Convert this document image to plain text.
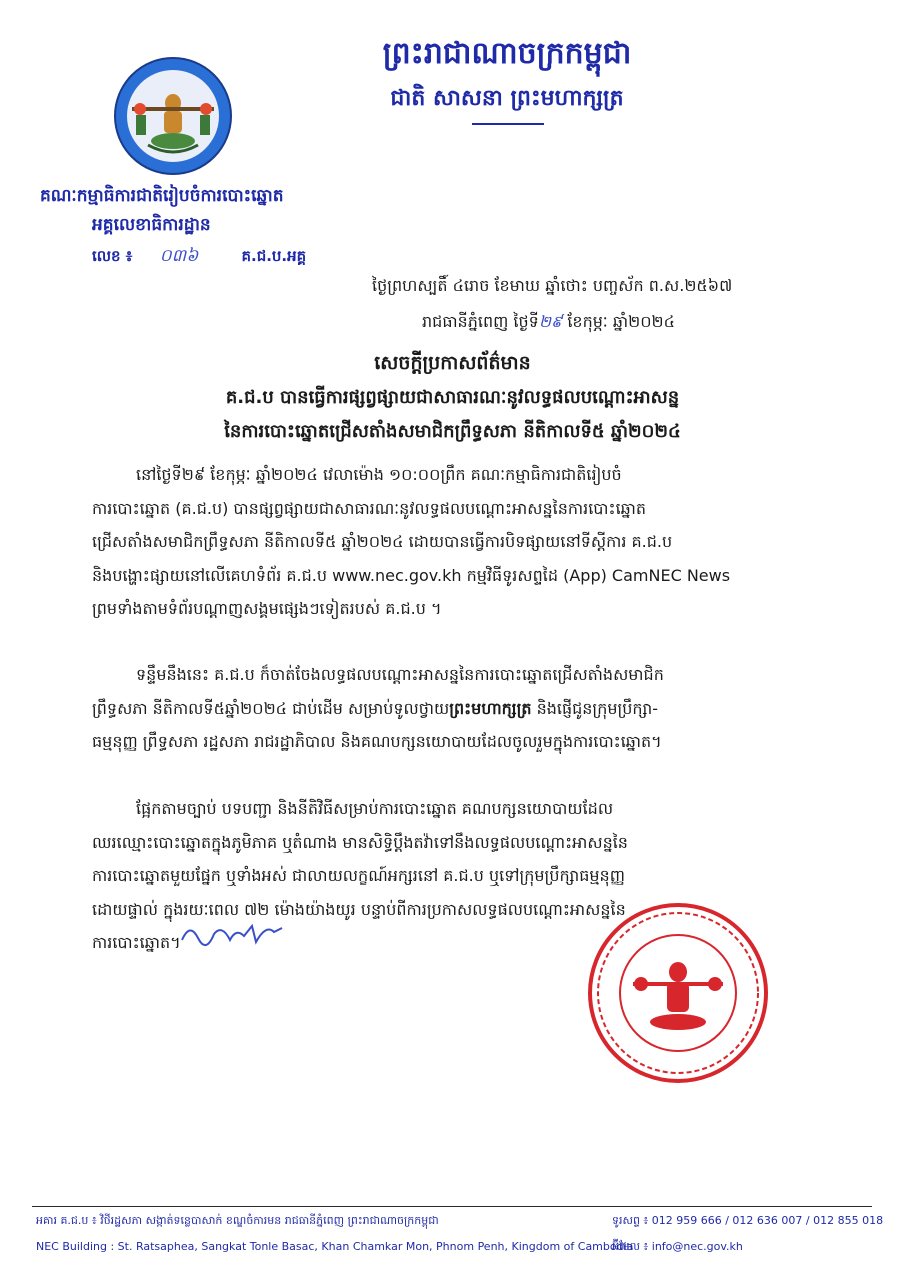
ព្រះរាជាណាចក្រកម្ពុជា
ជាតិ សាសនា ព្រះមហាក្សត្រ
គណៈកម្មាធិការជាតិរៀបចំការបោះឆ្នោត
អគ្គលេខាធិការដ្ឋាន
លេខ ៖ ០៣៦	គ.ជ.ប.អគ្គ
ថ្ងៃព្រហស្បតិ៍ ៤រោច ខែមាឃ ឆ្នាំថោះ បញ្ចស័ក ព.ស.២៥៦៧
រាជធានីភ្នំពេញ ថ្ងៃទី២៩ ខែកុម្ភៈ ឆ្នាំ២០២៤
សេចក្តីប្រកាសព័ត៌មាន
គ.ជ.ប បានធ្វើការផ្សព្វផ្សាយជាសាធារណៈនូវលទ្ធផលបណ្តោះអាសន្ន
នៃការបោះឆ្នោតជ្រើសតាំងសមាជិកព្រឹទ្ធសភា នីតិកាលទី៥ ឆ្នាំ២០២៤

នៅថ្ងៃទី២៩ ខែកុម្ភៈ ឆ្នាំ២០២៤ វេលាម៉ោង ១០:០០ព្រឹក គណៈកម្មាធិការជាតិរៀបចំ

ការបោះឆ្នោត (គ.ជ.ប) បានផ្សព្វផ្សាយជាសាធារណៈនូវលទ្ធផលបណ្តោះអាសន្ននៃការបោះឆ្នោត

ជ្រើសតាំងសមាជិកព្រឹទ្ធសភា នីតិកាលទី៥ ឆ្នាំ២០២៤ ដោយបានធ្វើការបិទផ្សាយនៅទីស្តីការ គ.ជ.ប

និងបង្ហោះផ្សាយនៅលើគេហទំព័រ គ.ជ.ប www.nec.gov.kh កម្មវិធីទូរសព្ទដៃ (App) CamNEC News

ព្រមទាំងតាមទំព័របណ្តាញសង្គមផ្សេងៗទៀតរបស់ គ.ជ.ប ។

ទន្ទឹមនឹងនេះ គ.ជ.ប ក៏ចាត់ចែងលទ្ធផលបណ្តោះអាសន្ននៃការបោះឆ្នោតជ្រើសតាំងសមាជិក

ព្រឹទ្ធសភា នីតិកាលទី៥ឆ្នាំ២០២៤ ជាប់ដើម សម្រាប់ទូលថ្វាយព្រះមហាក្សត្រ និងផ្ញើជូនក្រុមប្រឹក្សា-

ធម្មនុញ្ញ ព្រឹទ្ធសភា រដ្ឋសភា រាជរដ្ឋាភិបាល និងគណបក្សនយោបាយដែលចូលរួមក្នុងការបោះឆ្នោត។

ផ្អែកតាមច្បាប់ បទបញ្ជា និងនីតិវិធីសម្រាប់ការបោះឆ្នោត គណបក្សនយោបាយដែល

ឈរឈ្មោះបោះឆ្នោតក្នុងភូមិភាគ ឬតំណាង មានសិទ្ធិប្តឹងតវ៉ាទៅនឹងលទ្ធផលបណ្តោះអាសន្ននៃ

ការបោះឆ្នោតមួយផ្នែក ឬទាំងអស់ ជាលាយលក្ខណ៍អក្សរនៅ គ.ជ.ប ឬទៅក្រុមប្រឹក្សាធម្មនុញ្ញ

ដោយផ្ទាល់ ក្នុងរយៈពេល ៧២ ម៉ោងយ៉ាងយូរ បន្ទាប់ពីការប្រកាសលទ្ធផលបណ្តោះអាសន្ននៃ

ការបោះឆ្នោត។

អគារ គ.ជ.ប ៖ វិថីរដ្ឋសភា សង្កាត់ទន្លេបាសាក់ ខណ្ឌចំការមន រាជធានីភ្នំពេញ ព្រះរាជាណាចក្រកម្ពុជា
NEC Building : St. Ratsaphea, Sangkat Tonle Basac, Khan Chamkar Mon, Phnom Penh, Kingdom of Cambodia
ទូរសព្ទ ៖ 012 959 666 / 012 636 007 / 012 855 018
អ៊ីមែល ៖ info@nec.gov.kh
